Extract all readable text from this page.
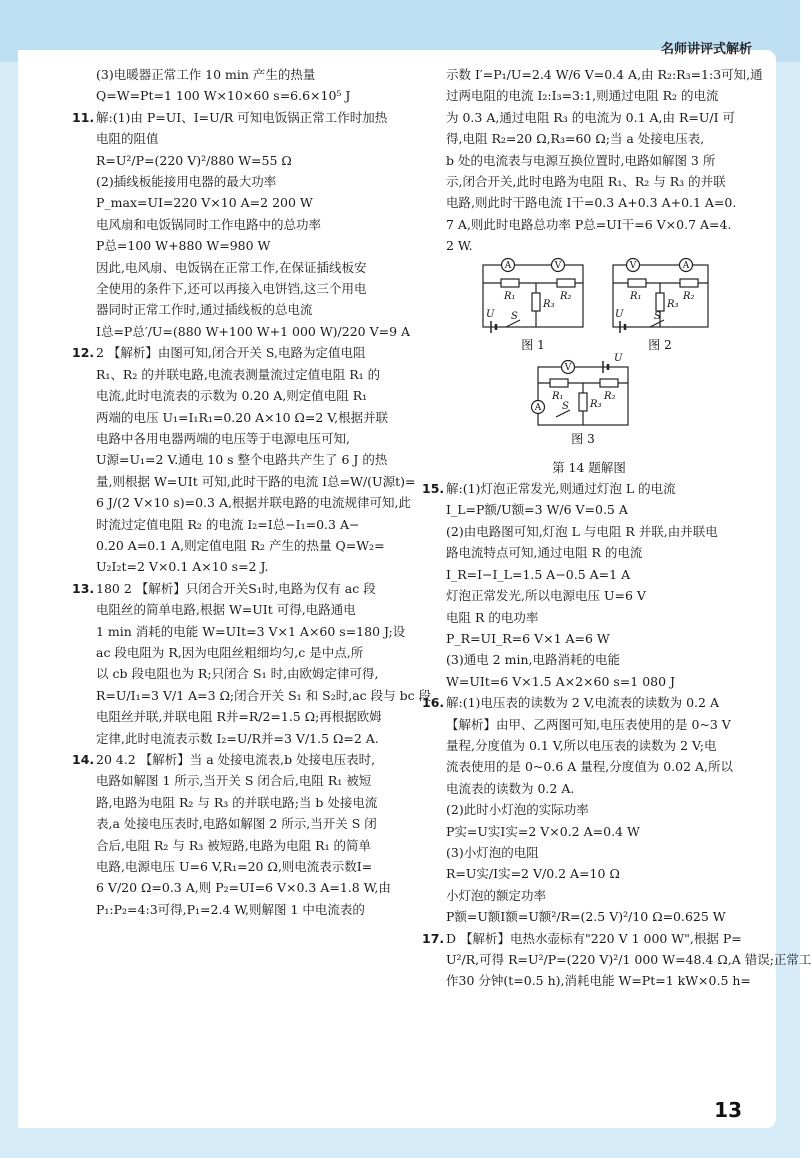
名师讲评式解析
(3)电暖器正常工作 10 min 产生的热量
Q=W=Pt=1 100 W×10×60 s=6.6×10⁵ J
11. 解:(1)由 P=UI、I=U/R 可知电饭锅正常工作时加热
电阻的阻值
R=U²/P=(220 V)²/880 W=55 Ω
(2)插线板能接用电器的最大功率
P_max=UI=220 V×10 A=2 200 W
电风扇和电饭锅同时工作电路中的总功率
P总=100 W+880 W=980 W
因此,电风扇、电饭锅在正常工作,在保证插线板安
全使用的条件下,还可以再接入电饼铛,这三个用电
器同时正常工作时,通过插线板的总电流
I总=P总′/U=(880 W+100 W+1 000 W)/220 V=9 A
12. 2 【解析】由图可知,闭合开关 S,电路为定值电阻
R₁、R₂ 的并联电路,电流表测量流过定值电阻 R₁ 的
电流,此时电流表的示数为 0.20 A,则定值电阻 R₁
两端的电压 U₁=I₁R₁=0.20 A×10 Ω=2 V,根据并联
电路中各用电器两端的电压等于电源电压可知,
U源=U₁=2 V.通电 10 s 整个电路共产生了 6 J 的热
量,则根据 W=UIt 可知,此时干路的电流 I总=W/(U源t)=
6 J/(2 V×10 s)=0.3 A,根据并联电路的电流规律可知,此
时流过定值电阻 R₂ 的电流 I₂=I总−I₁=0.3 A−
0.20 A=0.1 A,则定值电阻 R₂ 产生的热量 Q=W₂=
U₂I₂t=2 V×0.1 A×10 s=2 J.
13. 180 2 【解析】只闭合开关S₁时,电路为仅有 ac 段
电阻丝的简单电路,根据 W=UIt 可得,电路通电
1 min 消耗的电能 W=UIt=3 V×1 A×60 s=180 J;设
ac 段电阻为 R,因为电阻丝粗细均匀,c 是中点,所
以 cb 段电阻也为 R;只闭合 S₁ 时,由欧姆定律可得,
R=U/I₁=3 V/1 A=3 Ω;闭合开关 S₁ 和 S₂时,ac 段与 bc 段
电阻丝并联,并联电阻 R并=R/2=1.5 Ω;再根据欧姆
定律,此时电流表示数 I₂=U/R并=3 V/1.5 Ω=2 A.
14. 20 4.2 【解析】当 a 处接电流表,b 处接电压表时,
电路如解图 1 所示,当开关 S 闭合后,电阻 R₁ 被短
路,电路为电阻 R₂ 与 R₃ 的并联电路;当 b 处接电流
表,a 处接电压表时,电路如解图 2 所示,当开关 S 闭
合后,电阻 R₂ 与 R₃ 被短路,电路为电阻 R₁ 的简单
电路,电源电压 U=6 V,R₁=20 Ω,则电流表示数I=
6 V/20 Ω=0.3 A,则 P₂=UI=6 V×0.3 A=1.8 W,由
P₁:P₂=4:3可得,P₁=2.4 W,则解图 1 中电流表的
示数 I′=P₁/U=2.4 W/6 V=0.4 A,由 R₂:R₃=1:3可知,通
过两电阻的电流 I₂:I₃=3:1,则通过电阻 R₂ 的电流
为 0.3 A,通过电阻 R₃ 的电流为 0.1 A,由 R=U/I 可
得,电阻 R₂=20 Ω,R₃=60 Ω;当 a 处接电压表,
b 处的电流表与电源互换位置时,电路如解图 3 所
示,闭合开关,此时电路为电阻 R₁、R₂ 与 R₃ 的并联
电路,则此时干路电流 I干=0.3 A+0.3 A+0.1 A=0.
7 A,则此时电路总功率 P总=UI干=6 V×0.7 A=4.
2 W.
A	V	V	A
V
A
R₁
R₃
R₂
U S
R₁
R₃
R₂
U	S
R₁
R₃
R₂
U
S
图 1	图 2
图 3
第 14 题解图
15. 解:(1)灯泡正常发光,则通过灯泡 L 的电流
I_L=P额/U额=3 W/6 V=0.5 A
(2)由电路图可知,灯泡 L 与电阻 R 并联,由并联电
路电流特点可知,通过电阻 R 的电流
I_R=I−I_L=1.5 A−0.5 A=1 A
灯泡正常发光,所以电源电压 U=6 V
电阻 R 的电功率
P_R=UI_R=6 V×1 A=6 W
(3)通电 2 min,电路消耗的电能
W=UIt=6 V×1.5 A×2×60 s=1 080 J
16. 解:(1)电压表的读数为 2 V,电流表的读数为 0.2 A
【解析】由甲、乙两图可知,电压表使用的是 0~3 V
量程,分度值为 0.1 V,所以电压表的读数为 2 V;电
流表使用的是 0~0.6 A 量程,分度值为 0.02 A,所以
电流表的读数为 0.2 A.
(2)此时小灯泡的实际功率
P实=U实I实=2 V×0.2 A=0.4 W
(3)小灯泡的电阻
R=U实/I实=2 V/0.2 A=10 Ω
小灯泡的额定功率
P额=U额I额=U额²/R=(2.5 V)²/10 Ω=0.625 W
17. D 【解析】电热水壶标有"220 V 1 000 W",根据 P=
U²/R,可得 R=U²/P=(220 V)²/1 000 W=48.4 Ω,A 错误;正常工
作30 分钟(t=0.5 h),消耗电能 W=Pt=1 kW×0.5 h=
13
